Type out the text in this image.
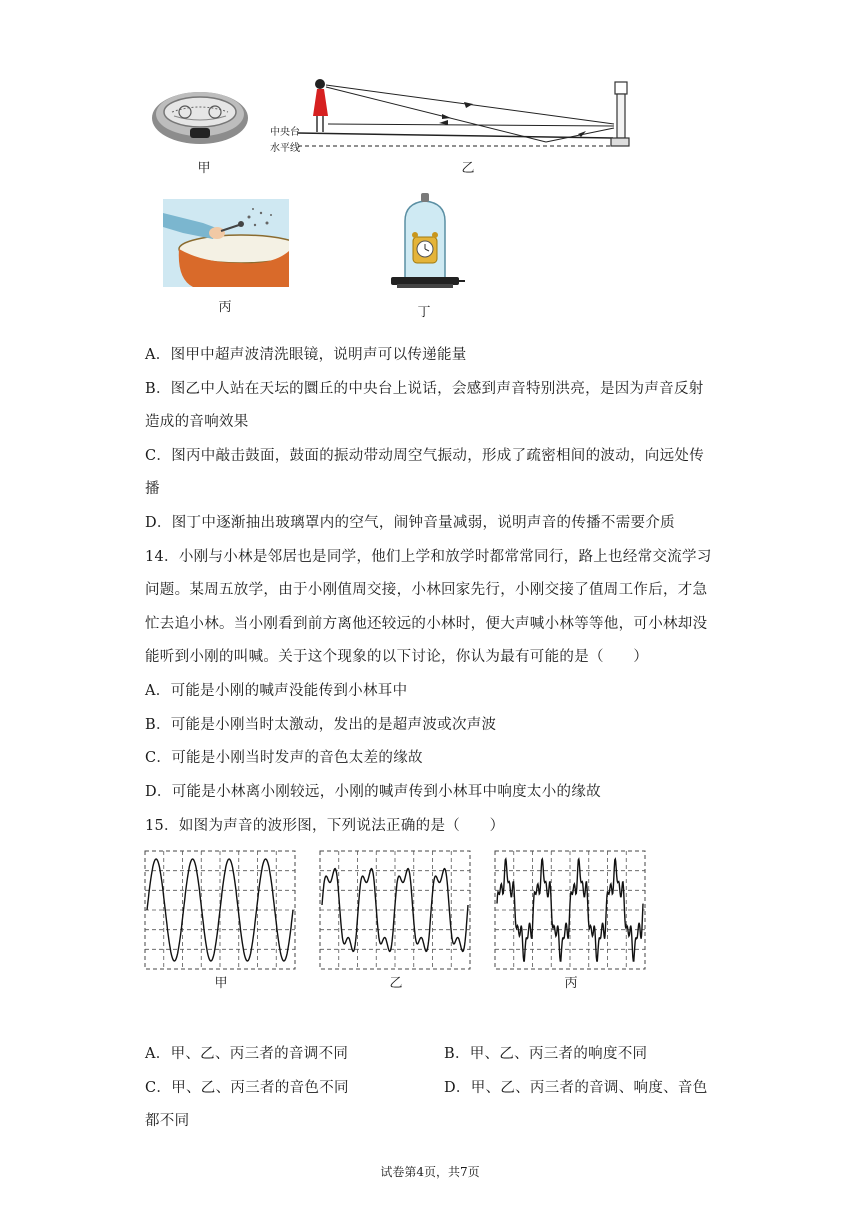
甲
中央台
水平线
乙
丙	丁
A．图甲中超声波清洗眼镜，说明声可以传递能量
B．图乙中人站在天坛的圜丘的中央台上说话，会感到声音特别洪亮，是因为声音反射
造成的音响效果
C．图丙中敲击鼓面，鼓面的振动带动周空气振动，形成了疏密相间的波动，向远处传
播
D．图丁中逐渐抽出玻璃罩内的空气，闹钟音量减弱，说明声音的传播不需要介质
14．小刚与小林是邻居也是同学，他们上学和放学时都常常同行，路上也经常交流学习
问题。某周五放学，由于小刚值周交接，小林回家先行，小刚交接了值周工作后，才急
忙去追小林。当小刚看到前方离他还较远的小林时，便大声喊小林等等他，可小林却没
能听到小刚的叫喊。关于这个现象的以下讨论，你认为最有可能的是（　　）
A．可能是小刚的喊声没能传到小林耳中
B．可能是小刚当时太激动，发出的是超声波或次声波
C．可能是小刚当时发声的音色太差的缘故
D．可能是小林离小刚较远，小刚的喊声传到小林耳中响度太小的缘故
15．如图为声音的波形图，下列说法正确的是（　　）
甲	乙	丙
A．甲、乙、丙三者的音调不同	B．甲、乙、丙三者的响度不同
C．甲、乙、丙三者的音色不同	D．甲、乙、丙三者的音调、响度、音色
都不同
试卷第4页，共7页
